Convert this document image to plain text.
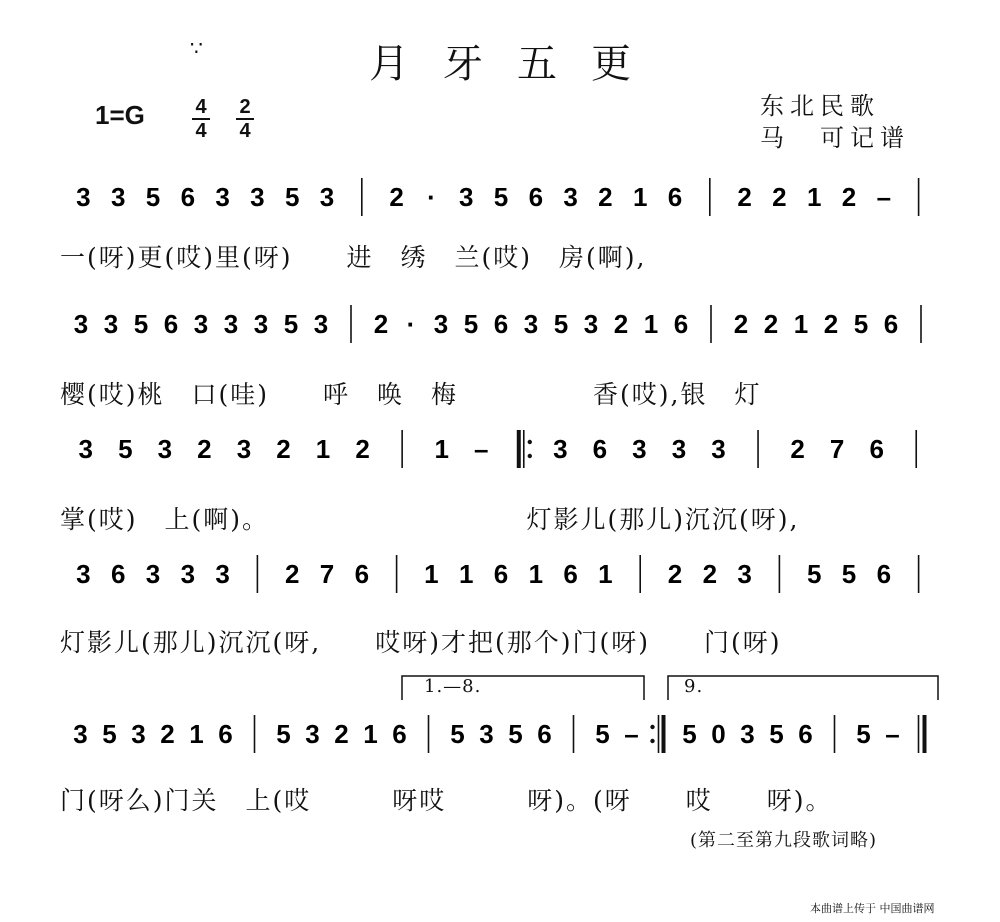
∵	月牙五更
1=G	4
4
2
4
东北民歌
马　可记谱
3 3 5 6 3 3 5 3 2 · 3 5 6 3 2 1 6 2 2 1 2 –
一(呀)更(哎)里(呀)　　进　绣　兰(哎)　房(啊),
3 3 5 6 3 3 3 5 3 2 · 3 5 6 3 5 3 2 1 6 2 2 1 2 5 6
樱(哎)桃　口(哇)　　呼　唤　梅　　　　　香(哎),银　灯
3 5 3 2 3 2 1 2 1 – 3 6 3 3 3 2 7 6
掌(哎)　上(啊)。　　　　　　　　　　灯影儿(那儿)沉沉(呀),
3 6 3 3 3 2 7 6 1 1 6 1 6 1 2 2 3 5 5 6
灯影儿(那儿)沉沉(呀,　　哎呀)才把(那个)门(呀)　　门(呀)
1.—8.	9.
3 5 3 2 1 6 5 3 2 1 6 5 3 5 6 5 – 5 0 3 5 6 5 –
门(呀么)门关　上(哎　　　呀哎　　　呀)。(呀　　哎　　呀)。
(第二至第九段歌词略)
本曲谱上传于 中国曲谱网
